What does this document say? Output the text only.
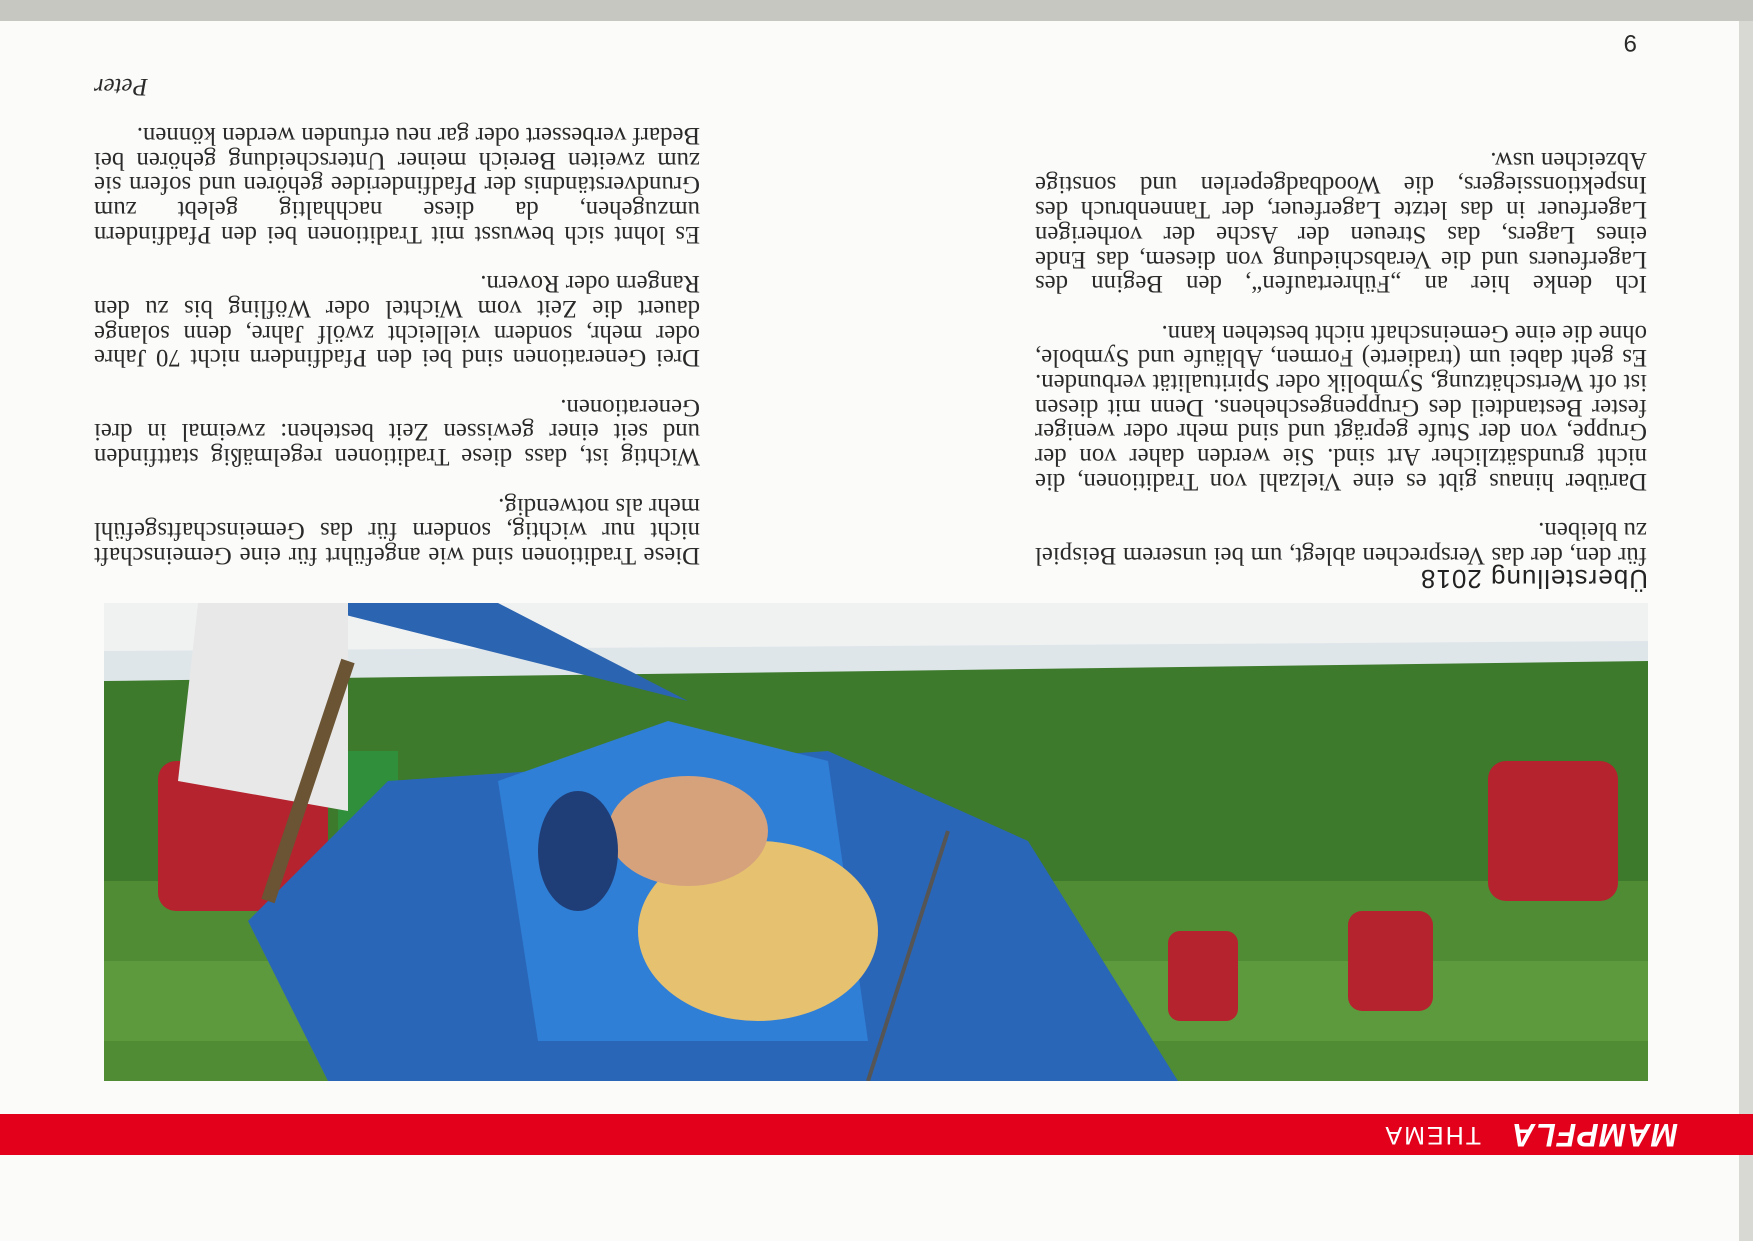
MAMPFLA
THEMA
Überstellung 2018

für den, der das Versprechen ablegt, um bei unserem Beispiel zu bleiben.

Darüber hinaus gibt es eine Vielzahl von Traditionen, die nicht grundsätzlicher Art sind. Sie werden daher von der Gruppe, von der Stufe geprägt und sind mehr oder weniger fester Bestandteil des Gruppengeschehens. Denn mit diesen ist oft Wertschätzung, Symbolik oder Spiritualität verbunden. Es geht dabei um (tradierte) Formen, Abläufe und Symbole, ohne die eine Gemeinschaft nicht bestehen kann.

Ich denke hier an „Führertaufen“, den Beginn des Lagerfeuers und die Verabschiedung von diesem, das Ende eines Lagers, das Streuen der Asche der vorherigen Lagerfeuer in das letzte Lagerfeuer, der Tannenbruch des Inspektionssiegers, die Woodbadgeperlen und sonstige Abzeichen usw.

Diese Traditionen sind wie angeführt für eine Gemeinschaft nicht nur wichtig, sondern für das Gemeinschaftsgefühl mehr als notwendig.

Wichtig ist, dass diese Traditionen regelmäßig stattfinden und seit einer gewissen Zeit bestehen: zweimal in drei Generationen.

Drei Generationen sind bei den Pfadfindern nicht 70 Jahre oder mehr, sondern vielleicht zwölf Jahre, denn solange dauert die Zeit vom Wichtel oder Wöfling bis zu den Rangern oder Rovern.

Es lohnt sich bewusst mit Traditionen bei den Pfadfindern umzugehen, da diese nachhaltig gelebt zum Grundverständnis der Pfadfinderidee gehören und sofern sie zum zweiten Bereich meiner Unterscheidung gehören bei Bedarf verbessert oder gar neu erfunden werden können.

Peter

9
